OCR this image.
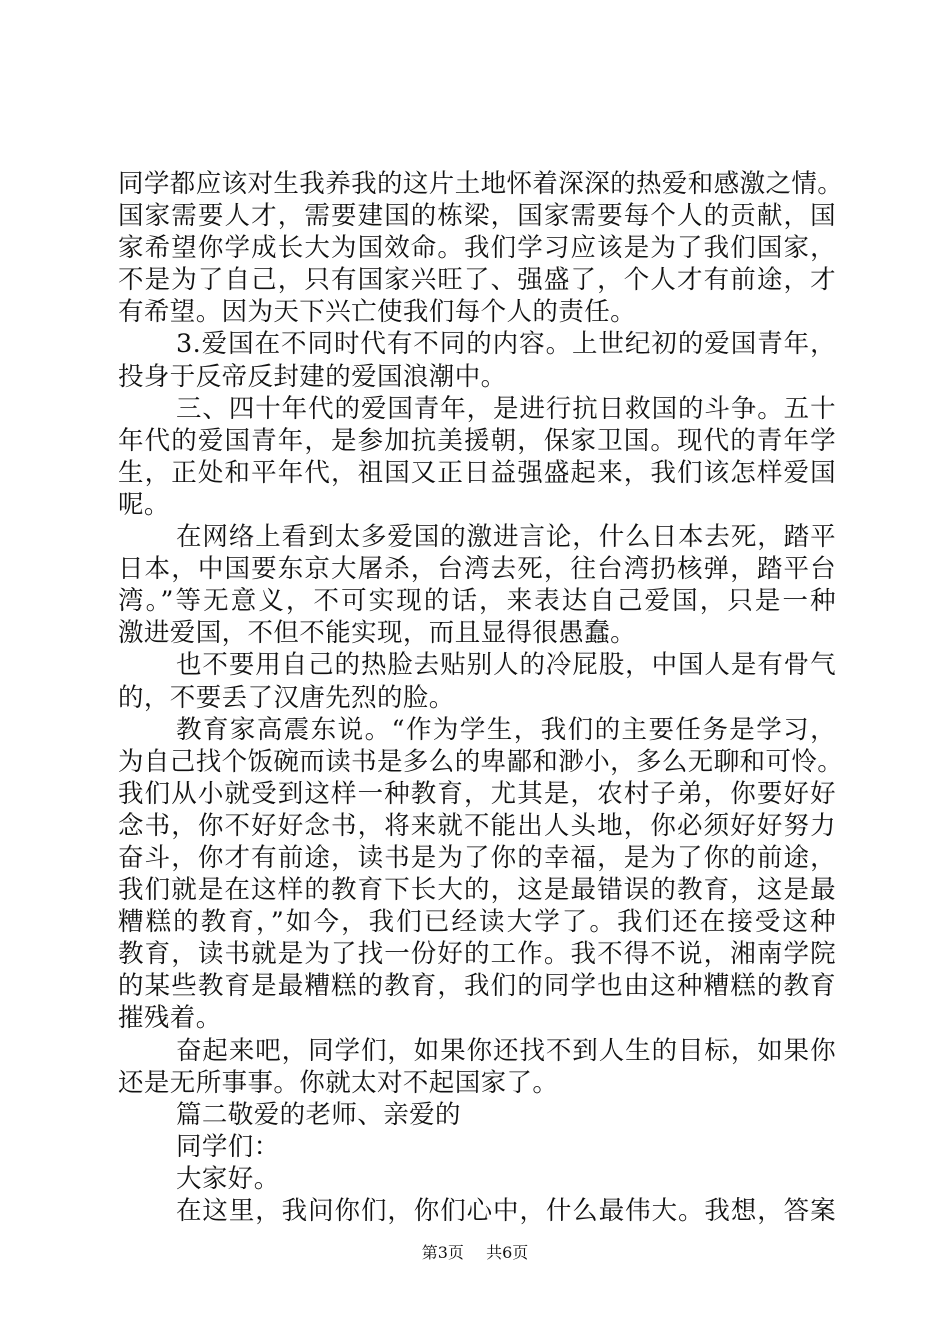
同学都应该对生我养我的这片土地怀着深深的热爱和感激之情。
国家需要人才，需要建国的栋梁，国家需要每个人的贡献，国
家希望你学成长大为国效命。我们学习应该是为了我们国家，
不是为了自己，只有国家兴旺了、强盛了，个人才有前途，才
有希望。因为天下兴亡使我们每个人的责任。
3.爱国在不同时代有不同的内容。上世纪初的爱国青年，
投身于反帝反封建的爱国浪潮中。
三、四十年代的爱国青年，是进行抗日救国的斗争。五十
年代的爱国青年，是参加抗美援朝，保家卫国。现代的青年学
生，正处和平年代，祖国又正日益强盛起来，我们该怎样爱国
呢。
在网络上看到太多爱国的激进言论，什么日本去死，踏平
日本，中国要东京大屠杀，台湾去死，往台湾扔核弹，踏平台
湾。”等无意义，不可实现的话，来表达自己爱国，只是一种
激进爱国，不但不能实现，而且显得很愚蠢。
也不要用自己的热脸去贴别人的冷屁股，中国人是有骨气
的，不要丢了汉唐先烈的脸。
教育家高震东说。“作为学生，我们的主要任务是学习，
为自己找个饭碗而读书是多么的卑鄙和渺小，多么无聊和可怜。
我们从小就受到这样一种教育，尤其是，农村子弟，你要好好
念书，你不好好念书，将来就不能出人头地，你必须好好努力
奋斗，你才有前途，读书是为了你的幸福，是为了你的前途，
我们就是在这样的教育下长大的，这是最错误的教育，这是最
糟糕的教育，”如今，我们已经读大学了。我们还在接受这种
教育，读书就是为了找一份好的工作。我不得不说，湘南学院
的某些教育是最糟糕的教育，我们的同学也由这种糟糕的教育
摧残着。
奋起来吧，同学们，如果你还找不到人生的目标，如果你
还是无所事事。你就太对不起国家了。
篇二敬爱的老师、亲爱的
同学们：
大家好。
在这里，我问你们，你们心中，什么最伟大。我想，答案
第3页 共6页
